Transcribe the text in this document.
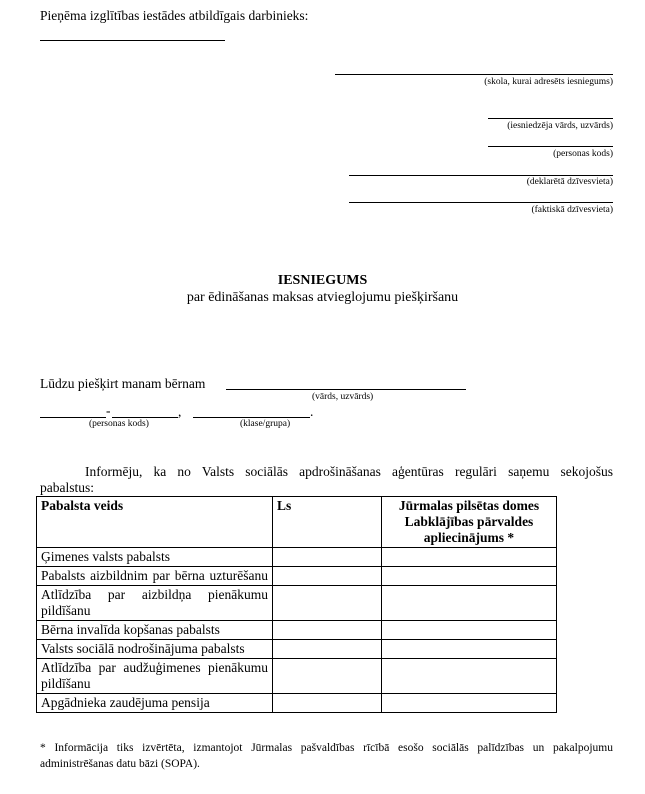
Pieņēma izglītības iestādes atbildīgais darbinieks:
(skola, kurai adresēts iesniegums)
(iesniedzēja vārds, uzvārds)
(personas kods)
(deklarētā dzīvesvieta)
(faktiskā dzīvesvieta)
IESNIEGUMS
par ēdināšanas maksas atvieglojumu piešķiršanu
Lūdzu piešķirt manam bērnam
(vārds, uzvārds)
-	,	.
(personas kods)	(klase/grupa)
Informēju, ka no Valsts sociālās apdrošināšanas aģentūras regulāri saņemu sekojošus
pabalstus:
Pabalsta veids	Ls	Jūrmalas pilsētas domes Labklājības pārvaldes apliecinājums *
Ģimenes valsts pabalsts		
Pabalsts aizbildnim par bērna uzturēšanu		
Atlīdzība par aizbildņa pienākumu pildīšanu		
Bērna invalīda kopšanas pabalsts		
Valsts sociālā nodrošinājuma pabalsts		
Atlīdzība par audžuģimenes pienākumu pildīšanu		
Apgādnieka zaudējuma pensija		
* Informācija tiks izvērtēta, izmantojot Jūrmalas pašvaldības rīcībā esošo sociālās palīdzības un pakalpojumu administrēšanas datu bāzi (SOPA).
